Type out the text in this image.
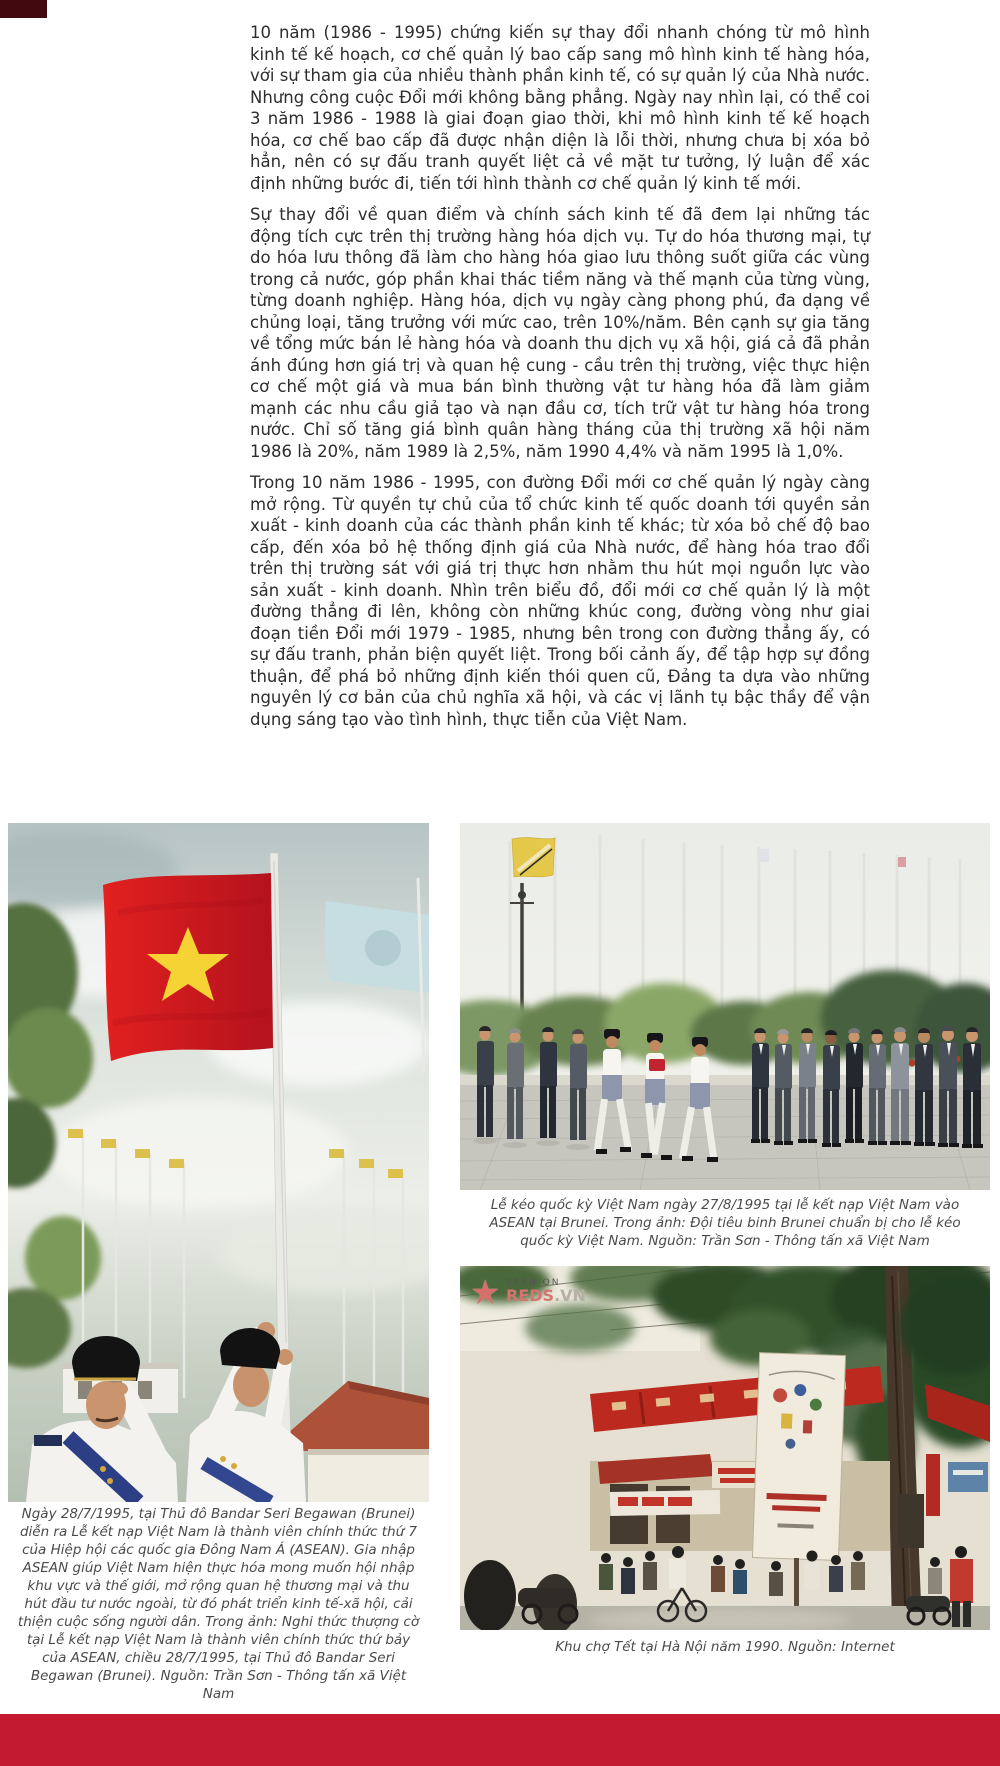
10 năm (1986 - 1995) chứng kiến sự thay đổi nhanh chóng từ mô hình kinh tế kế hoạch, cơ chế quản lý bao cấp sang mô hình kinh tế hàng hóa, với sự tham gia của nhiều thành phần kinh tế, có sự quản lý của Nhà nước. Nhưng công cuộc Đổi mới không bằng phẳng. Ngày nay nhìn lại, có thể coi 3 năm 1986 - 1988 là giai đoạn giao thời, khi mô hình kinh tế kế hoạch hóa, cơ chế bao cấp đã được nhận diện là lỗi thời, nhưng chưa bị xóa bỏ hẳn, nên có sự đấu tranh quyết liệt cả về mặt tư tưởng, lý luận để xác định những bước đi, tiến tới hình thành cơ chế quản lý kinh tế mới.

Sự thay đổi về quan điểm và chính sách kinh tế đã đem lại những tác động tích cực trên thị trường hàng hóa dịch vụ. Tự do hóa thương mại, tự do hóa lưu thông đã làm cho hàng hóa giao lưu thông suốt giữa các vùng trong cả nước, góp phần khai thác tiềm năng và thế mạnh của từng vùng, từng doanh nghiệp. Hàng hóa, dịch vụ ngày càng phong phú, đa dạng về chủng loại, tăng trưởng với mức cao, trên 10%/năm. Bên cạnh sự gia tăng về tổng mức bán lẻ hàng hóa và doanh thu dịch vụ xã hội, giá cả đã phản ánh đúng hơn giá trị và quan hệ cung - cầu trên thị trường, việc thực hiện cơ chế một giá và mua bán bình thường vật tư hàng hóa đã làm giảm mạnh các nhu cầu giả tạo và nạn đầu cơ, tích trữ vật tư hàng hóa trong nước. Chỉ số tăng giá bình quân hàng tháng của thị trường xã hội năm 1986 là 20%, năm 1989 là 2,5%, năm 1990 4,4% và năm 1995 là 1,0%.

Trong 10 năm 1986 - 1995, con đường Đổi mới cơ chế quản lý ngày càng mở rộng. Từ quyền tự chủ của tổ chức kinh tế quốc doanh tới quyền sản xuất - kinh doanh của các thành phần kinh tế khác; từ xóa bỏ chế độ bao cấp, đến xóa bỏ hệ thống định giá của Nhà nước, để hàng hóa trao đổi trên thị trường sát với giá trị thực hơn nhằm thu hút mọi nguồn lực vào sản xuất - kinh doanh. Nhìn trên biểu đồ, đổi mới cơ chế quản lý là một đường thẳng đi lên, không còn những khúc cong, đường vòng như giai đoạn tiền Đổi mới 1979 - 1985, nhưng bên trong con đường thẳng ấy, có sự đấu tranh, phản biện quyết liệt. Trong bối cảnh ấy, để tập hợp sự đồng thuận, để phá bỏ những định kiến thói quen cũ, Đảng ta dựa vào những nguyên lý cơ bản của chủ nghĩa xã hội, và các vị lãnh tụ bậc thầy để vận dụng sáng tạo vào tình hình, thực tiễn của Việt Nam.

Lễ kéo quốc kỳ Việt Nam ngày 27/8/1995 tại lễ kết nạp Việt Nam vào ASEAN tại Brunei. Trong ảnh: Đội tiêu binh Brunei chuẩn bị cho lễ kéo quốc kỳ Việt Nam. Nguồn: Trần Sơn - Thông tấn xã Việt Nam
★ SEEN ON
REDS.VN
Khu chợ Tết tại Hà Nội năm 1990. Nguồn: Internet
Ngày 28/7/1995, tại Thủ đô Bandar Seri Begawan (Brunei) diễn ra Lễ kết nạp Việt Nam là thành viên chính thức thứ 7 của Hiệp hội các quốc gia Đông Nam Á (ASEAN). Gia nhập ASEAN giúp Việt Nam hiện thực hóa mong muốn hội nhập khu vực và thế giới, mở rộng quan hệ thương mại và thu hút đầu tư nước ngoài, từ đó phát triển kinh tế-xã hội, cải thiện cuộc sống người dân. Trong ảnh: Nghi thức thượng cờ tại Lễ kết nạp Việt Nam là thành viên chính thức thứ bảy của ASEAN, chiều 28/7/1995, tại Thủ đô Bandar Seri Begawan (Brunei). Nguồn: Trần Sơn - Thông tấn xã Việt Nam
